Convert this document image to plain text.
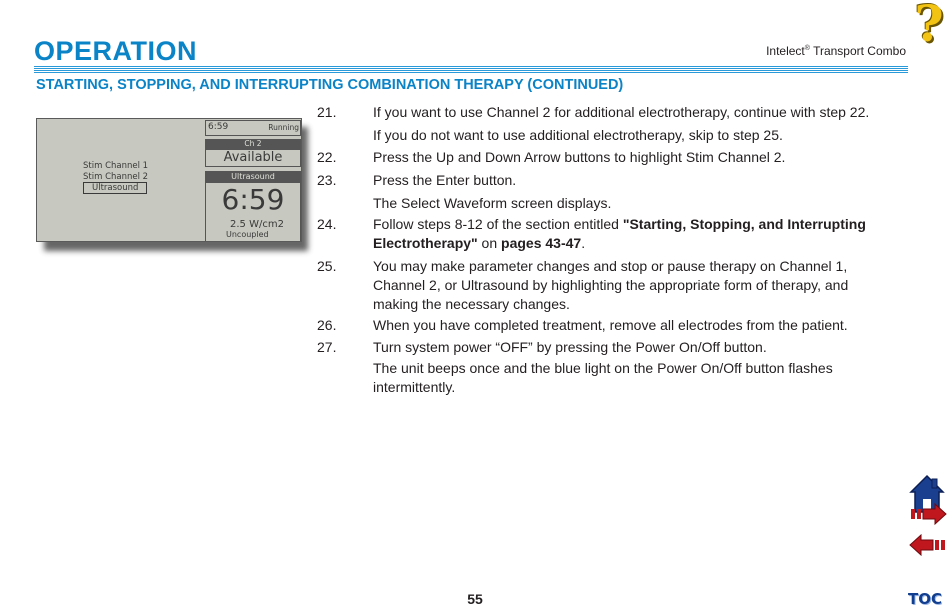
OPERATION	Intelect® Transport Combo
STARTING, STOPPING, AND INTERRUPTING COMBINATION THERAPY (CONTINUED)
?
Stim Channel 1
Stim Channel 2
Ultrasound
6:59	Running
Ch 2
Available
Ultrasound
6:59
2.5 W/cm2
Uncoupled
21.	If you want to use Channel 2 for additional electrotherapy, continue with step 22.
If you do not want to use additional electrotherapy, skip to step 25.
22.	Press the Up and Down Arrow buttons to highlight Stim Channel 2.
23.	Press the Enter button.
The Select Waveform screen displays.
24.	Follow steps 8-12 of the section entitled "Starting, Stopping, and Interrupting Electrotherapy" on pages 43-47.
25.	You may make parameter changes and stop or pause therapy on Channel 1, Channel 2, or Ultrasound by highlighting the appropriate form of therapy, and making the necessary changes.
26.	When you have completed treatment, remove all electrodes from the patient.
27.	Turn system power “OFF” by pressing the Power On/Off button.
The unit beeps once and the blue light on the Power On/Off button flashes intermittently.
55	TOC
